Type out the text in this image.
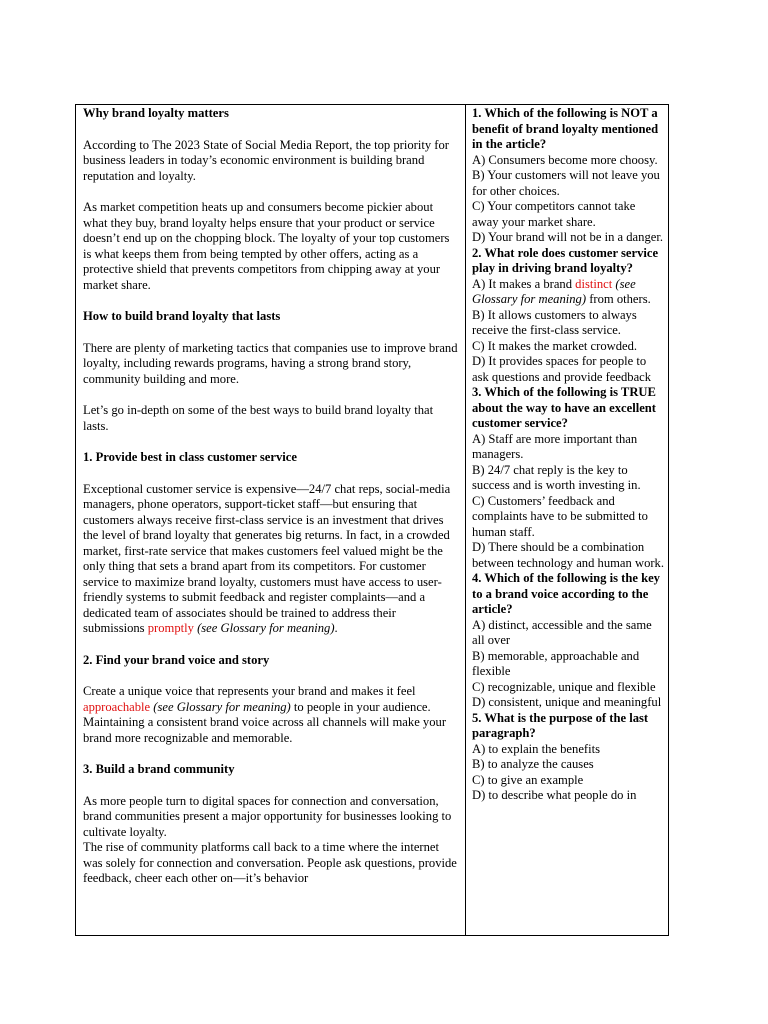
Why brand loyalty matters

According to The 2023 State of Social Media Report, the top priority for business leaders in today’s economic environment is building brand reputation and loyalty.

As market competition heats up and consumers become pickier about what they buy, brand loyalty helps ensure that your product or service doesn’t end up on the chopping block. The loyalty of your top customers is what keeps them from being tempted by other offers, acting as a protective shield that prevents competitors from chipping away at your market share.

How to build brand loyalty that lasts

There are plenty of marketing tactics that companies use to improve brand loyalty, including rewards programs, having a strong brand story, community building and more.

Let’s go in-depth on some of the best ways to build brand loyalty that lasts.

1. Provide best in class customer service

Exceptional customer service is expensive—24/7 chat reps, social-media managers, phone operators, support-ticket staff—but ensuring that customers always receive first-class service is an investment that drives the level of brand loyalty that generates big returns. In fact, in a crowded market, first-rate service that makes customers feel valued might be the only thing that sets a brand apart from its competitors. For customer service to maximize brand loyalty, customers must have access to user-friendly systems to submit feedback and register complaints—and a dedicated team of associates should be trained to address their submissions promptly (see Glossary for meaning).

2. Find your brand voice and story

Create a unique voice that represents your brand and makes it feel approachable (see Glossary for meaning) to people in your audience. Maintaining a consistent brand voice across all channels will make your brand more recognizable and memorable.

3. Build a brand community

As more people turn to digital spaces for connection and conversation, brand communities present a major opportunity for businesses looking to cultivate loyalty.

The rise of community platforms call back to a time where the internet was solely for connection and conversation. People ask questions, provide feedback, cheer each other on—it’s behavior

1. Which of the following is NOT a benefit of brand loyalty mentioned in the article?

A) Consumers become more choosy.

B) Your customers will not leave you for other choices.

C) Your competitors cannot take away your market share.

D) Your brand will not be in a danger.

2. What role does customer service play in driving brand loyalty?

A) It makes a brand distinct (see Glossary for meaning) from others.

B) It allows customers to always receive the first-class service.

C) It makes the market crowded.

D) It provides spaces for people to ask questions and provide feedback

3. Which of the following is TRUE about the way to have an excellent customer service?

A) Staff are more important than managers.

B) 24/7 chat reply is the key to success and is worth investing in.

C) Customers’ feedback and complaints have to be submitted to human staff.

D) There should be a combination between technology and human work.

4. Which of the following is the key to a brand voice according to the article?

A) distinct, accessible and the same all over

B) memorable, approachable and flexible

C) recognizable, unique and flexible

D) consistent, unique and meaningful

5. What is the purpose of the last paragraph?

A) to explain the benefits

B) to analyze the causes

C) to give an example

D) to describe what people do in
